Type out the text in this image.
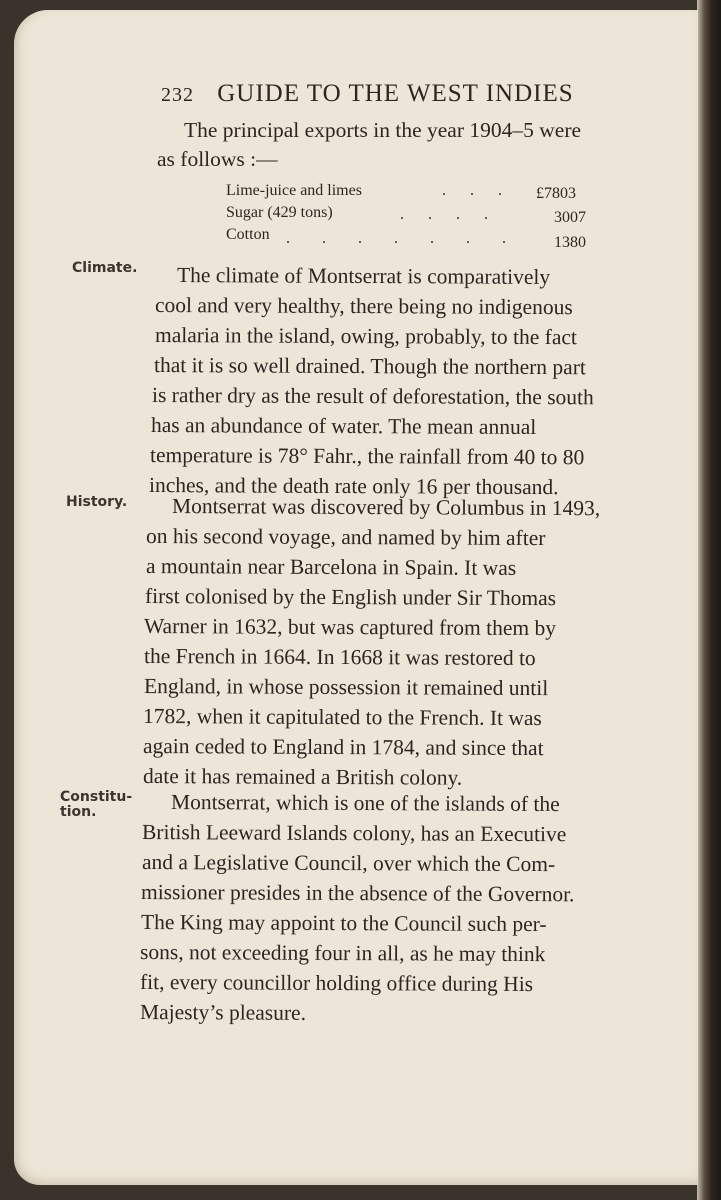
232 GUIDE TO THE WEST INDIES
The principal exports in the year 1904–5 were
as follows :—
Lime-juice and limes	. . . £7803
Sugar (429 tons)	. . . .	3007
Cotton . . . . . . . 1380
Climate.
History.
Constitu-
tion.
The climate of Montserrat is comparatively
cool and very healthy, there being no indigenous
malaria in the island, owing, probably, to the fact
that it is so well drained. Though the northern part
is rather dry as the result of deforestation, the south
has an abundance of water. The mean annual
temperature is 78° Fahr., the rainfall from 40 to 80
inches, and the death rate only 16 per thousand.
Montserrat was discovered by Columbus in 1493,
on his second voyage, and named by him after
a mountain near Barcelona in Spain. It was
first colonised by the English under Sir Thomas
Warner in 1632, but was captured from them by
the French in 1664. In 1668 it was restored to
England, in whose possession it remained until
1782, when it capitulated to the French. It was
again ceded to England in 1784, and since that
date it has remained a British colony.
Montserrat, which is one of the islands of the
British Leeward Islands colony, has an Executive
and a Legislative Council, over which the Com-
missioner presides in the absence of the Governor.
The King may appoint to the Council such per-
sons, not exceeding four in all, as he may think
fit, every councillor holding office during His
Majesty’s pleasure.
